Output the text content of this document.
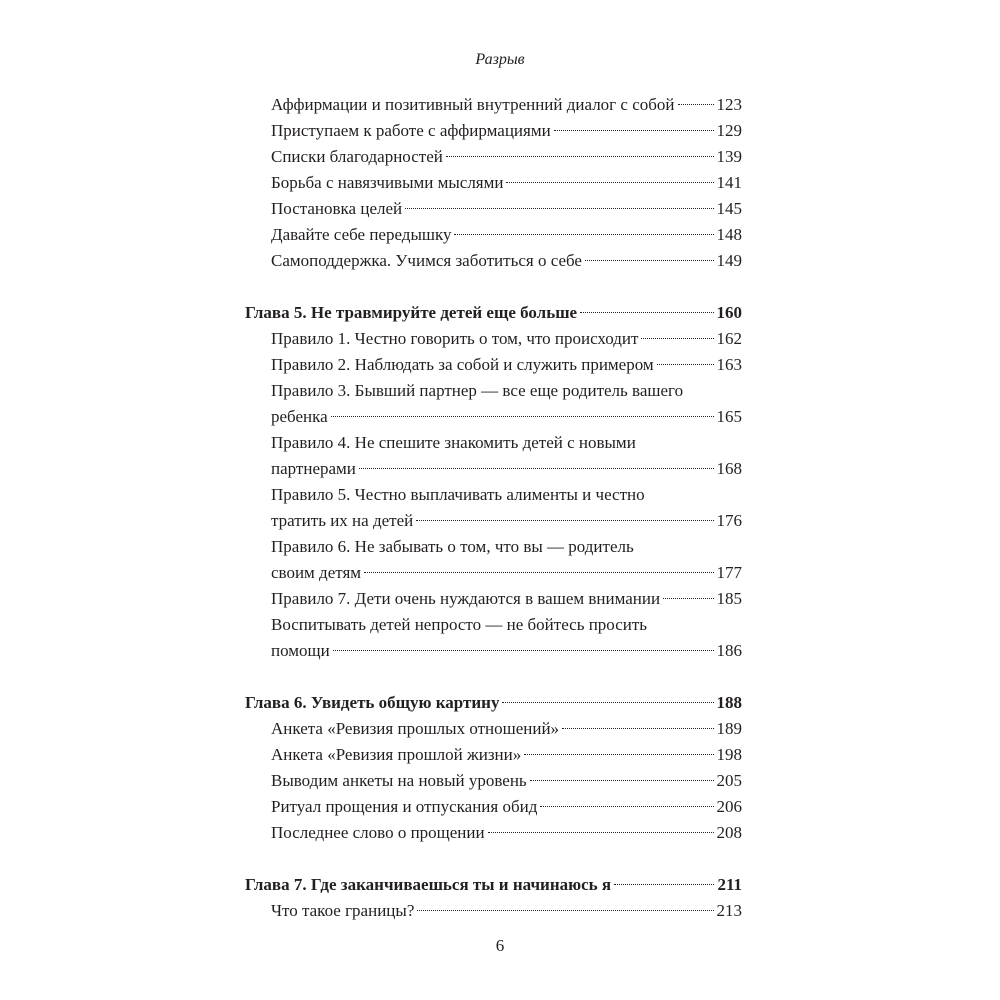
Разрыв
Аффирмации и позитивный внутренний диалог с собой 123
Приступаем к работе с аффирмациями	129
Списки благодарностей	139
Борьба с навязчивыми мыслями	141
Постановка целей	145
Давайте себе передышку	148
Самоподдержка. Учимся заботиться о себе	149
Глава 5. Не травмируйте детей еще больше	160
Правило 1. Честно говорить о том, что происходит	162
Правило 2. Наблюдать за собой и служить примером	163
Правило 3. Бывший партнер — все еще родитель вашего
ребенка	165
Правило 4. Не спешите знакомить детей с новыми
партнерами	168
Правило 5. Честно выплачивать алименты и честно
тратить их на детей	176
Правило 6. Не забывать о том, что вы — родитель
своим детям	177
Правило 7. Дети очень нуждаются в вашем внимании	185
Воспитывать детей непросто — не бойтесь просить
помощи	186
Глава 6. Увидеть общую картину	188
Анкета «Ревизия прошлых отношений»	189
Анкета «Ревизия прошлой жизни»	198
Выводим анкеты на новый уровень	205
Ритуал прощения и отпускания обид	206
Последнее слово о прощении	208
Глава 7. Где заканчиваешься ты и начинаюсь я	211
Что такое границы?	213
6
